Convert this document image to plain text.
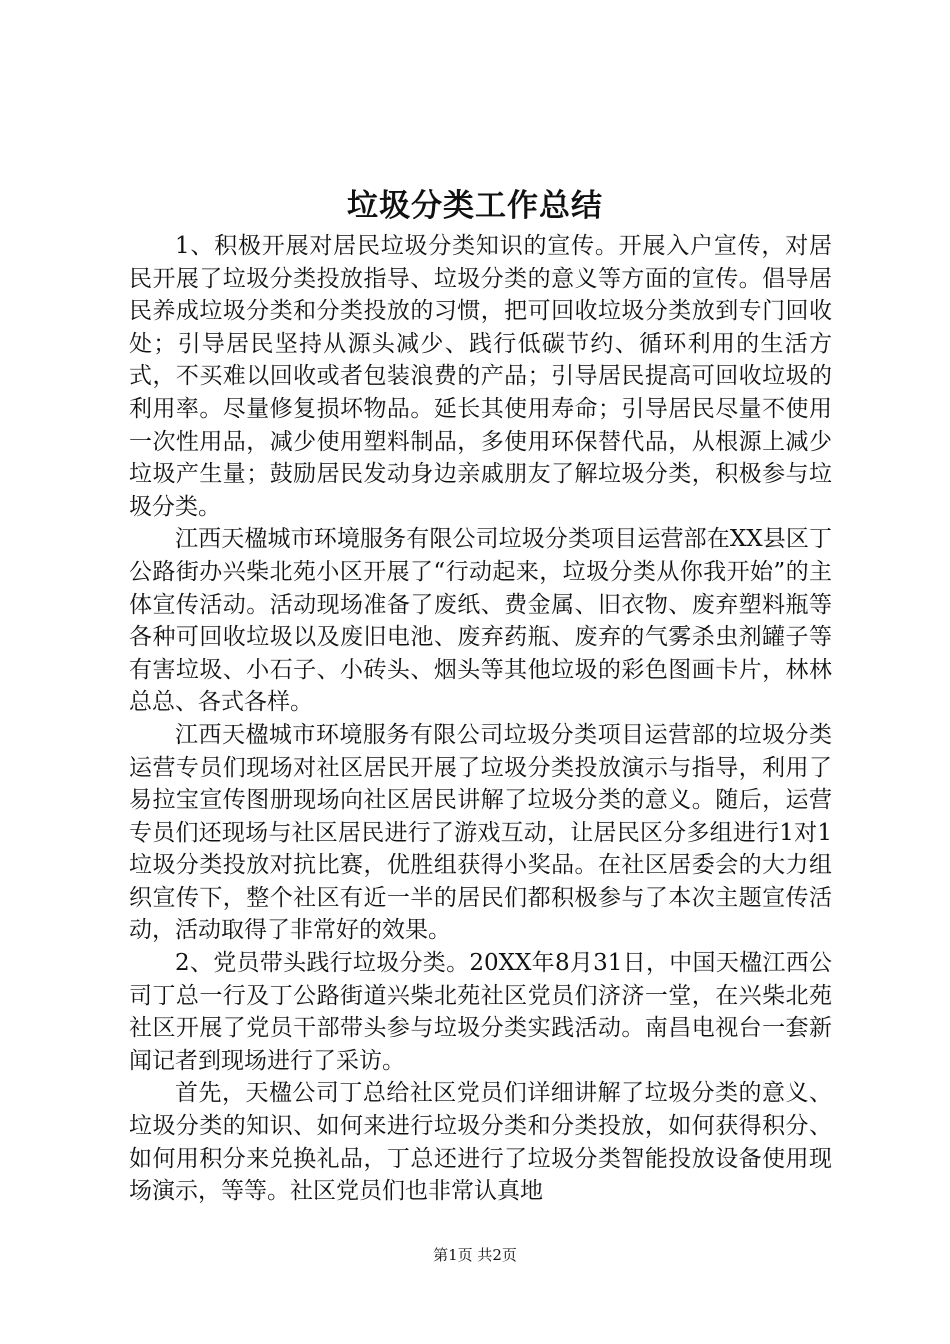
垃圾分类工作总结

1、积极开展对居民垃圾分类知识的宣传。开展入户宣传，对居民开展了垃圾分类投放指导、垃圾分类的意义等方面的宣传。倡导居民养成垃圾分类和分类投放的习惯，把可回收垃圾分类放到专门回收处；引导居民坚持从源头减少、践行低碳节约、循环利用的生活方式，不买难以回收或者包装浪费的产品；引导居民提高可回收垃圾的利用率。尽量修复损坏物品。延长其使用寿命；引导居民尽量不使用一次性用品，减少使用塑料制品，多使用环保替代品，从根源上减少垃圾产生量；鼓励居民发动身边亲戚朋友了解垃圾分类，积极参与垃圾分类。

江西天楹城市环境服务有限公司垃圾分类项目运营部在XX县区丁公路街办兴柴北苑小区开展了“行动起来，垃圾分类从你我开始”的主体宣传活动。活动现场准备了废纸、费金属、旧衣物、废弃塑料瓶等各种可回收垃圾以及废旧电池、废弃药瓶、废弃的气雾杀虫剂罐子等有害垃圾、小石子、小砖头、烟头等其他垃圾的彩色图画卡片，林林总总、各式各样。

江西天楹城市环境服务有限公司垃圾分类项目运营部的垃圾分类运营专员们现场对社区居民开展了垃圾分类投放演示与指导，利用了易拉宝宣传图册现场向社区居民讲解了垃圾分类的意义。随后，运营专员们还现场与社区居民进行了游戏互动，让居民区分多组进行1对1垃圾分类投放对抗比赛，优胜组获得小奖品。在社区居委会的大力组织宣传下，整个社区有近一半的居民们都积极参与了本次主题宣传活动，活动取得了非常好的效果。

2、党员带头践行垃圾分类。20XX年8月31日，中国天楹江西公司丁总一行及丁公路街道兴柴北苑社区党员们济济一堂，在兴柴北苑社区开展了党员干部带头参与垃圾分类实践活动。南昌电视台一套新闻记者到现场进行了采访。

首先，天楹公司丁总给社区党员们详细讲解了垃圾分类的意义、垃圾分类的知识、如何来进行垃圾分类和分类投放，如何获得积分、如何用积分来兑换礼品，丁总还进行了垃圾分类智能投放设备使用现场演示，等等。社区党员们也非常认真地

第1页 共2页
